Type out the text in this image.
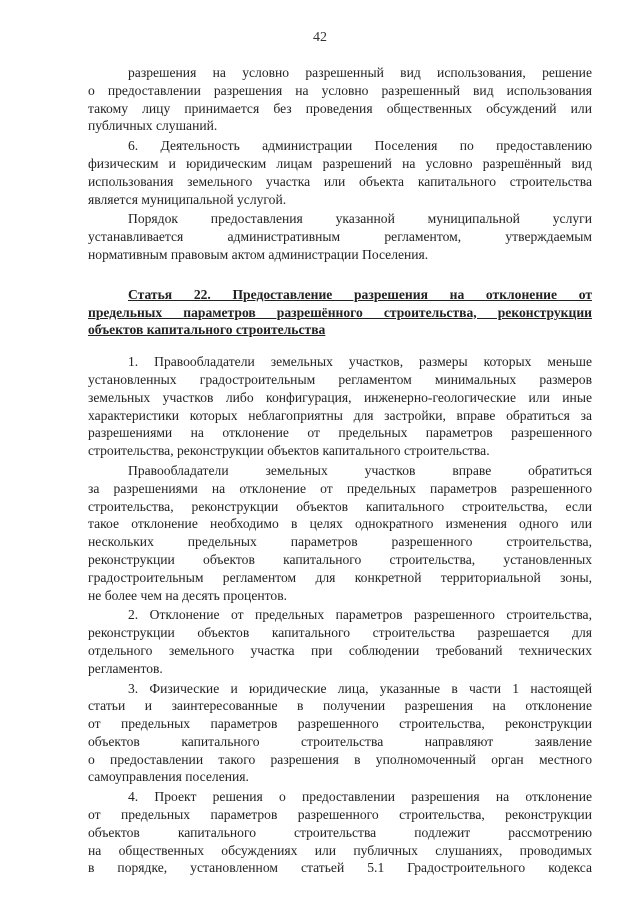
42
разрешения на условно разрешенный вид использования, решение
о предоставлении разрешения на условно разрешенный вид использования
такому лицу принимается без проведения общественных обсуждений или
публичных слушаний.
6. Деятельность администрации Поселения по предоставлению
физическим и юридическим лицам разрешений на условно разрешённый вид
использования земельного участка или объекта капитального строительства
является муниципальной услугой.
Порядок предоставления указанной муниципальной услуги
устанавливается административным регламентом, утверждаемым
нормативным правовым актом администрации Поселения.
Статья 22. Предоставление разрешения на отклонение от
предельных параметров разрешённого строительства, реконструкции
объектов капитального строительства
1. Правообладатели земельных участков, размеры которых меньше
установленных градостроительным регламентом минимальных размеров
земельных участков либо конфигурация, инженерно-геологические или иные
характеристики которых неблагоприятны для застройки, вправе обратиться за
разрешениями на отклонение от предельных параметров разрешенного
строительства, реконструкции объектов капитального строительства.
Правообладатели земельных участков вправе обратиться
за разрешениями на отклонение от предельных параметров разрешенного
строительства, реконструкции объектов капитального строительства, если
такое отклонение необходимо в целях однократного изменения одного или
нескольких предельных параметров разрешенного строительства,
реконструкции объектов капитального строительства, установленных
градостроительным регламентом для конкретной территориальной зоны,
не более чем на десять процентов.
2. Отклонение от предельных параметров разрешенного строительства,
реконструкции объектов капитального строительства разрешается для
отдельного земельного участка при соблюдении требований технических
регламентов.
3. Физические и юридические лица, указанные в части 1 настоящей
статьи и заинтересованные в получении разрешения на отклонение
от предельных параметров разрешенного строительства, реконструкции
объектов капитального строительства направляют заявление
о предоставлении такого разрешения в уполномоченный орган местного
самоуправления поселения.
4. Проект решения о предоставлении разрешения на отклонение
от предельных параметров разрешенного строительства, реконструкции
объектов капитального строительства подлежит рассмотрению
на общественных обсуждениях или публичных слушаниях, проводимых
в порядке, установленном статьей 5.1 Градостроительного кодекса
